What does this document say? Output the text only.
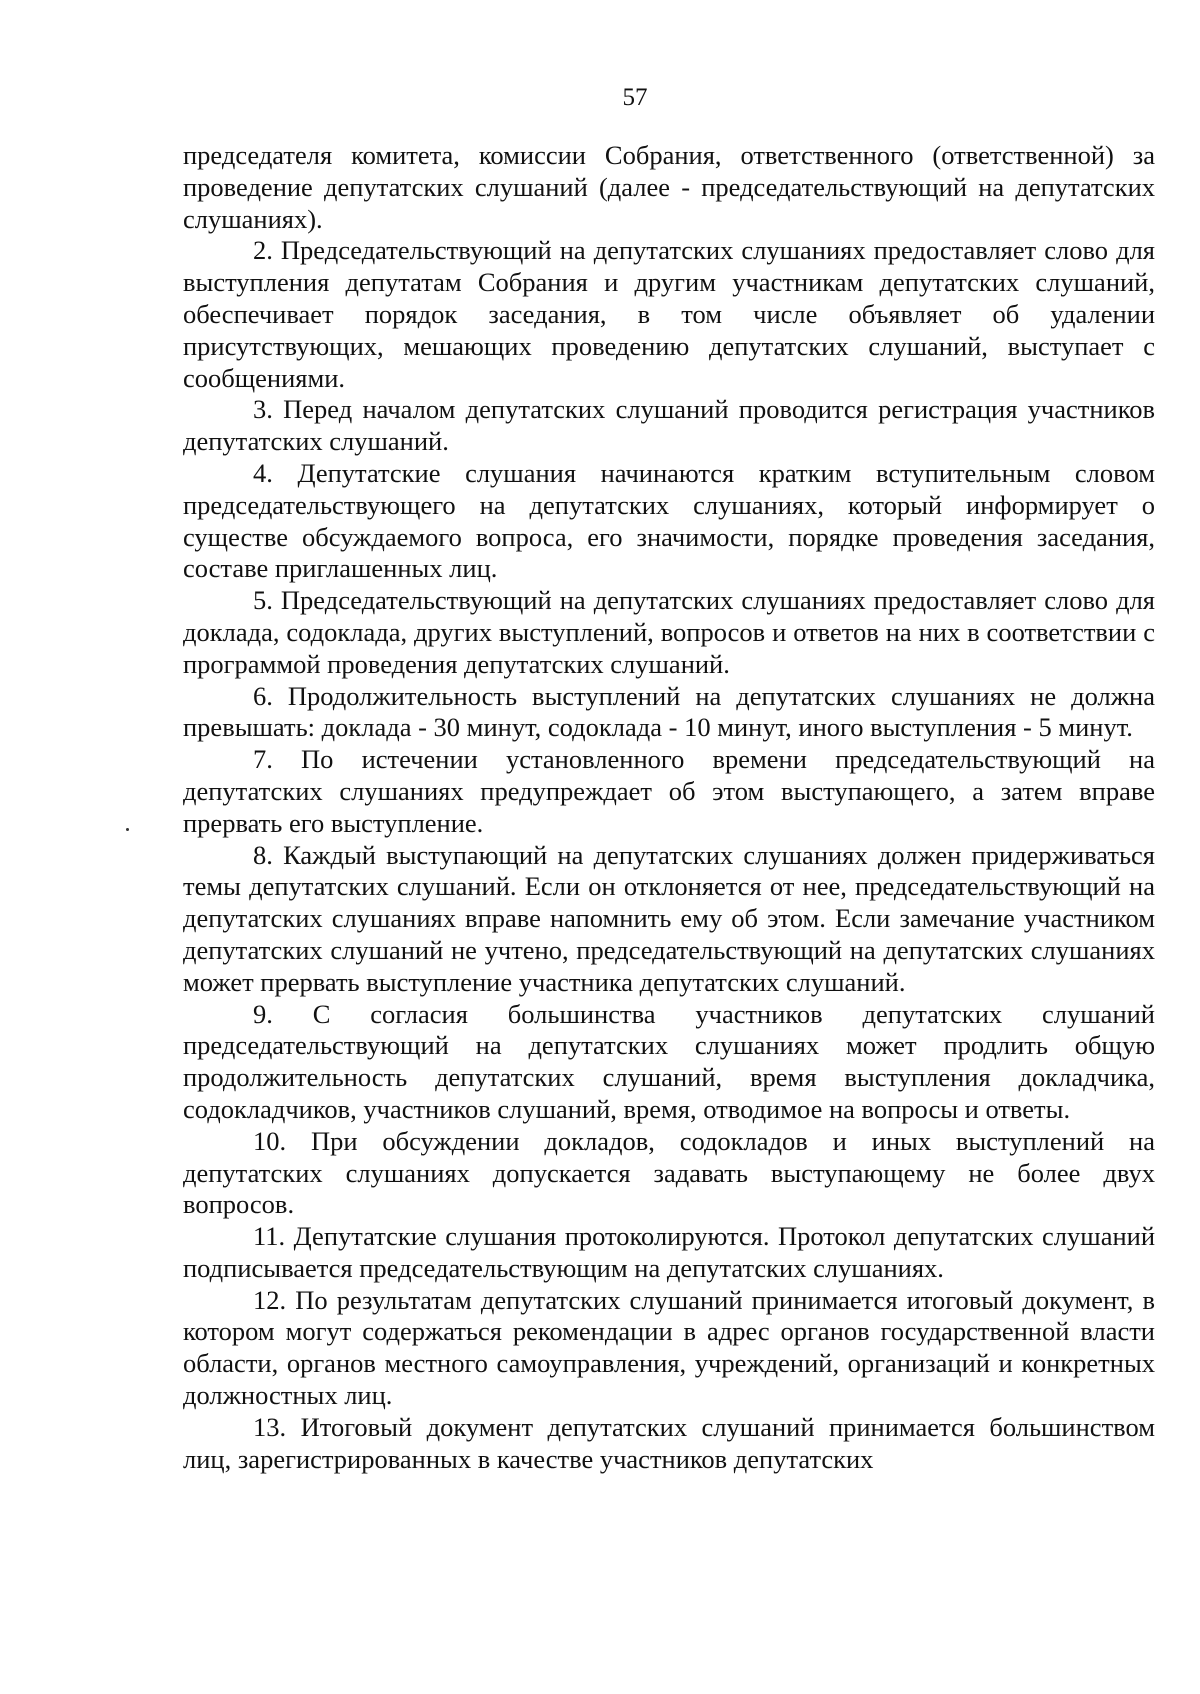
57

председателя комитета, комиссии Собрания, ответственного (ответственной) за проведение депутатских слушаний (далее - председательствующий на депутатских слушаниях).

2. Председательствующий на депутатских слушаниях предоставляет слово для выступления депутатам Собрания и другим участникам депутатских слушаний, обеспечивает порядок заседания, в том числе объявляет об удалении присутствующих, мешающих проведению депутатских слушаний, выступает с сообщениями.

3. Перед началом депутатских слушаний проводится регистрация участников депутатских слушаний.

4. Депутатские слушания начинаются кратким вступительным словом председательствующего на депутатских слушаниях, который информирует о существе обсуждаемого вопроса, его значимости, порядке проведения заседания, составе приглашенных лиц.

5. Председательствующий на депутатских слушаниях предоставляет слово для доклада, содоклада, других выступлений, вопросов и ответов на них в соответствии с программой проведения депутатских слушаний.

6. Продолжительность выступлений на депутатских слушаниях не должна превышать: доклада - 30 минут, содоклада - 10 минут, иного выступления - 5 минут.

7. По истечении установленного времени председательствующий на депутатских слушаниях предупреждает об этом выступающего, а затем вправе прервать его выступление.

8. Каждый выступающий на депутатских слушаниях должен придерживаться темы депутатских слушаний. Если он отклоняется от нее, председательствующий на депутатских слушаниях вправе напомнить ему об этом. Если замечание участником депутатских слушаний не учтено, председательствующий на депутатских слушаниях может прервать выступление участника депутатских слушаний.

9. С согласия большинства участников депутатских слушаний председательствующий на депутатских слушаниях может продлить общую продолжительность депутатских слушаний, время выступления докладчика, содокладчиков, участников слушаний, время, отводимое на вопросы и ответы.

10. При обсуждении докладов, содокладов и иных выступлений на депутатских слушаниях допускается задавать выступающему не более двух вопросов.

11. Депутатские слушания протоколируются. Протокол депутатских слушаний подписывается председательствующим на депутатских слушаниях.

12. По результатам депутатских слушаний принимается итоговый документ, в котором могут содержаться рекомендации в адрес органов государственной власти области, органов местного самоуправления, учреждений, организаций и конкретных должностных лиц.

13. Итоговый документ депутатских слушаний принимается большинством лиц, зарегистрированных в качестве участников депутатских
